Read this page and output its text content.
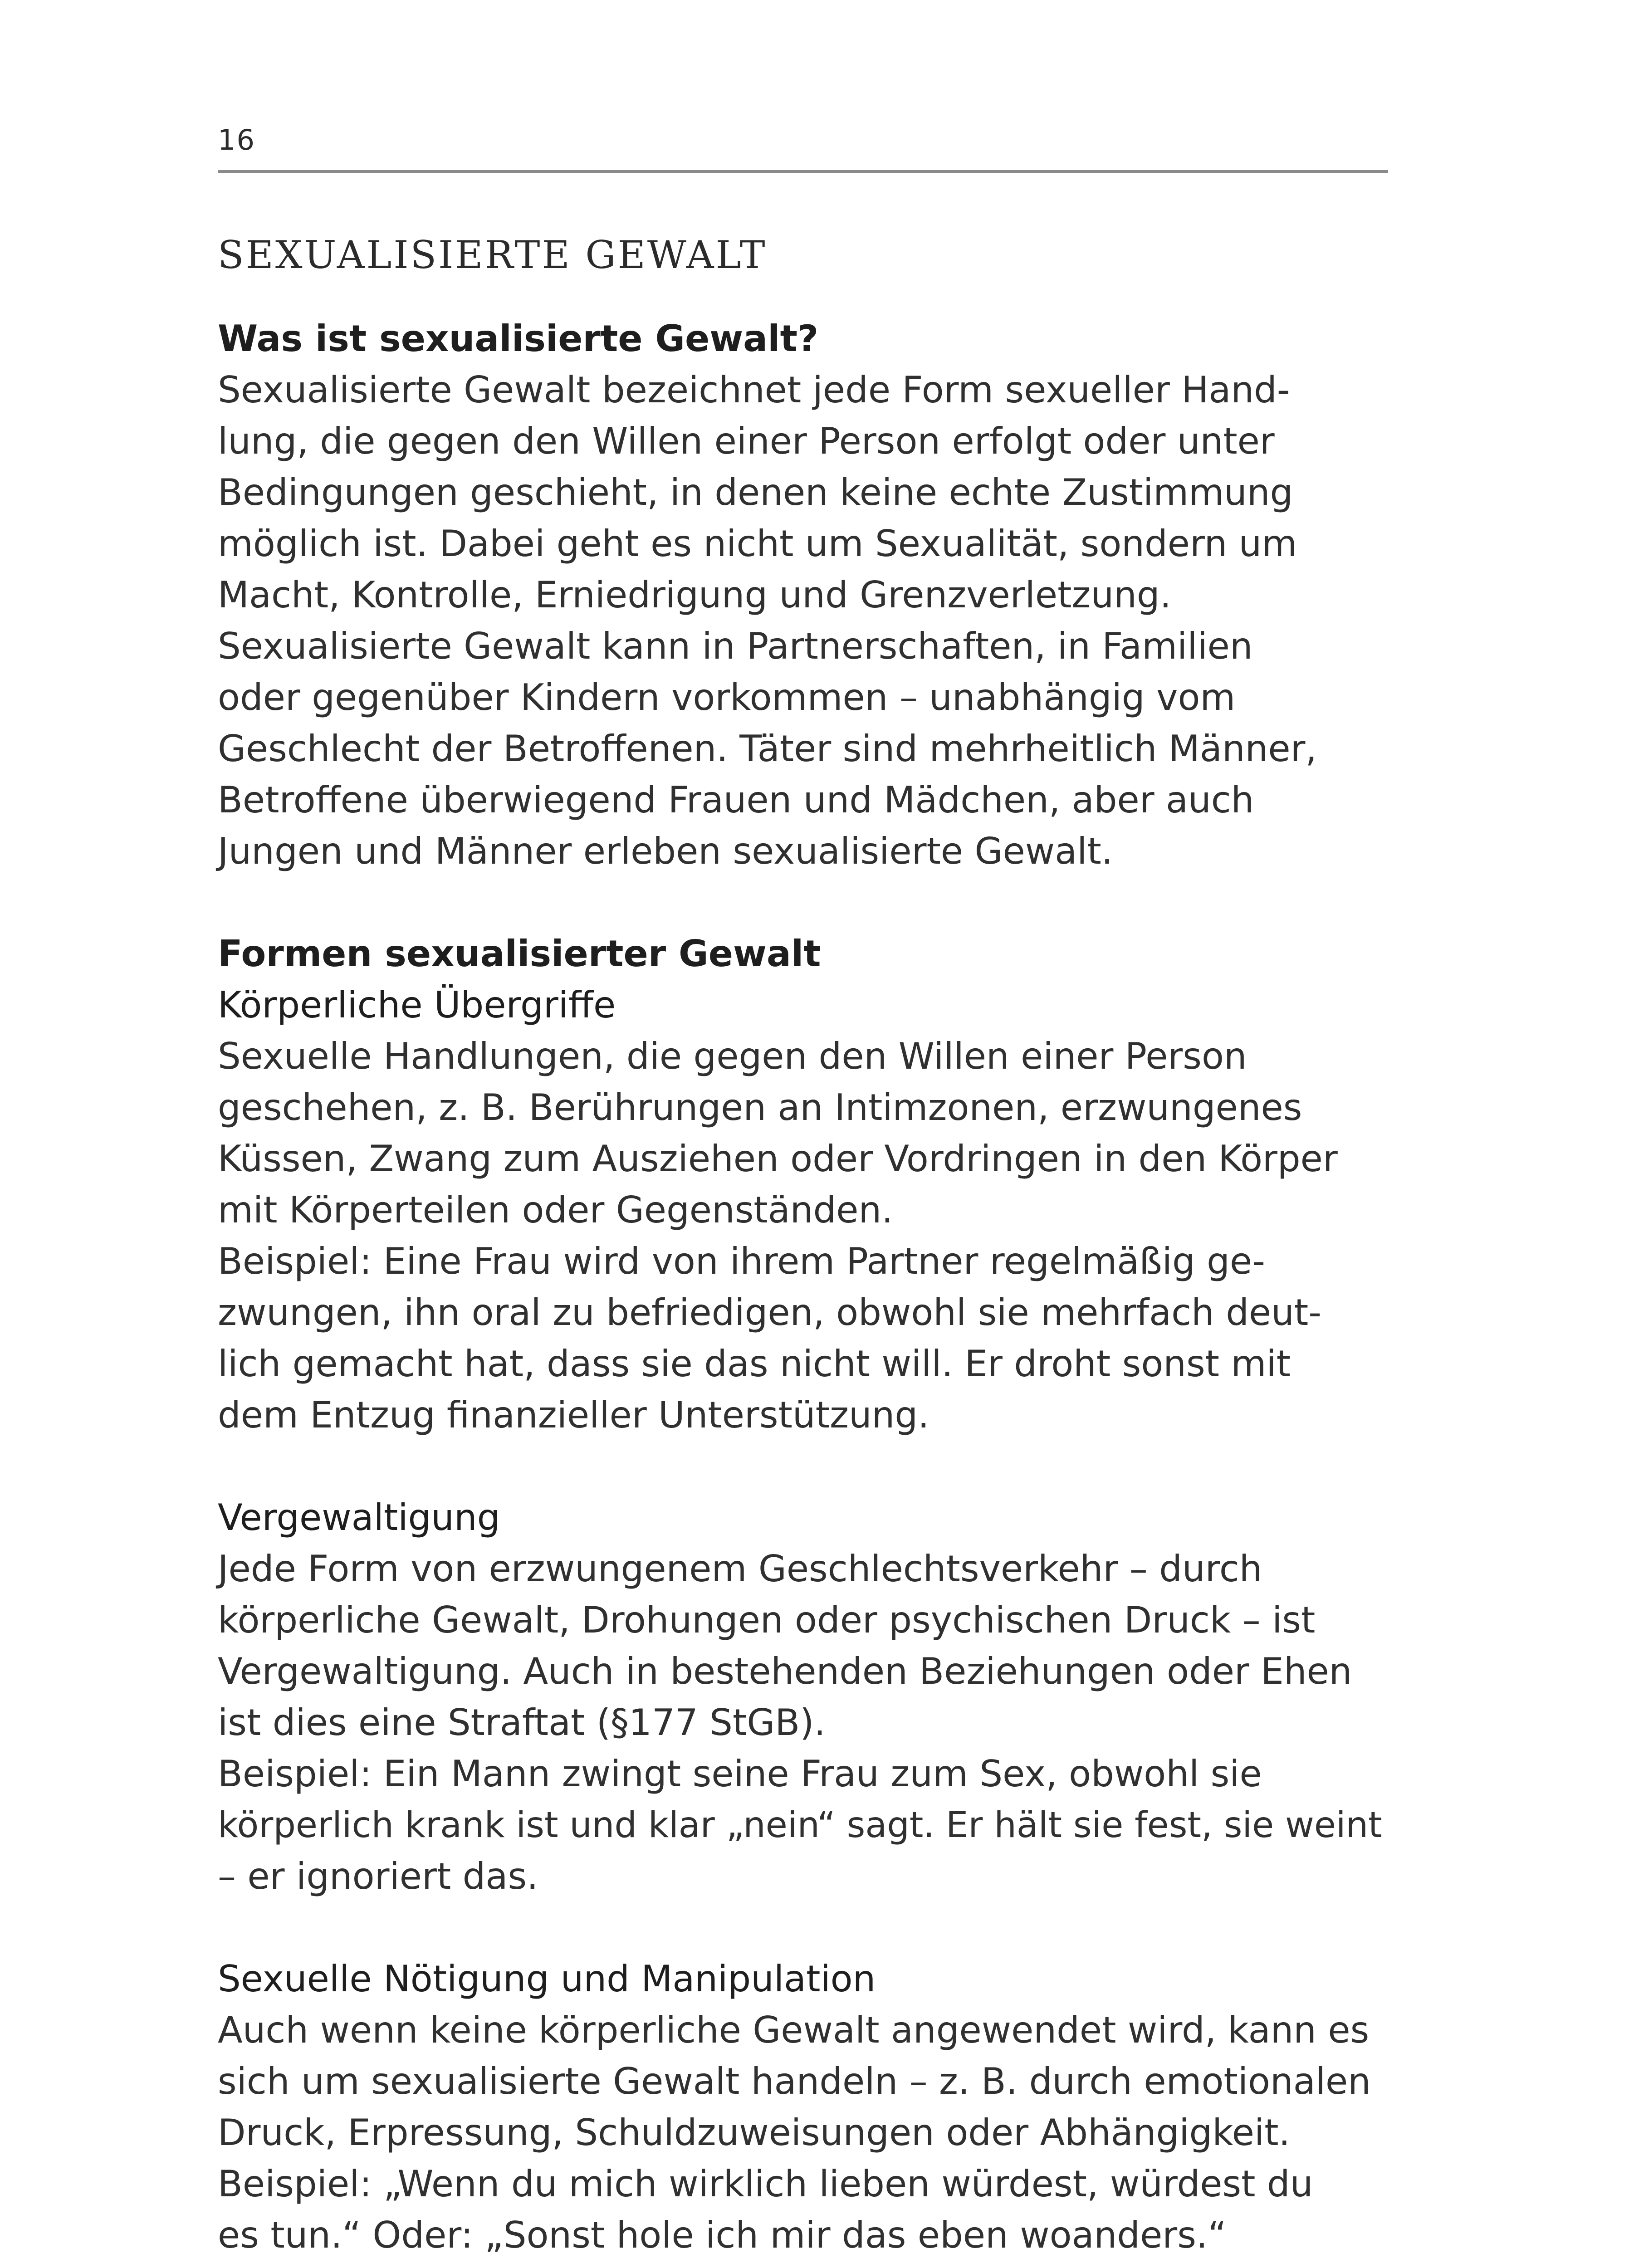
16
SEXUALISIERTE GEWALT
Was ist sexualisierte Gewalt?
Sexualisierte Gewalt bezeichnet jede Form sexueller Hand-
lung, die gegen den Willen einer Person erfolgt oder unter
Bedingungen geschieht, in denen keine echte Zustimmung
möglich ist. Dabei geht es nicht um Sexualität, sondern um
Macht, Kontrolle, Erniedrigung und Grenzverletzung.
Sexualisierte Gewalt kann in Partnerschaften, in Familien
oder gegenüber Kindern vorkommen – unabhängig vom
Geschlecht der Betroffenen. Täter sind mehrheitlich Männer,
Betroffene überwiegend Frauen und Mädchen, aber auch
Jungen und Männer erleben sexualisierte Gewalt.
Formen sexualisierter Gewalt
Körperliche Übergriffe
Sexuelle Handlungen, die gegen den Willen einer Person
geschehen, z. B. Berührungen an Intimzonen, erzwungenes
Küssen, Zwang zum Ausziehen oder Vordringen in den Körper
mit Körperteilen oder Gegenständen.
Beispiel: Eine Frau wird von ihrem Partner regelmäßig ge-
zwungen, ihn oral zu befriedigen, obwohl sie mehrfach deut-
lich gemacht hat, dass sie das nicht will. Er droht sonst mit
dem Entzug finanzieller Unterstützung.
Vergewaltigung
Jede Form von erzwungenem Geschlechtsverkehr – durch
körperliche Gewalt, Drohungen oder psychischen Druck – ist
Vergewaltigung. Auch in bestehenden Beziehungen oder Ehen
ist dies eine Straftat (§177 StGB).
Beispiel: Ein Mann zwingt seine Frau zum Sex, obwohl sie
körperlich krank ist und klar „nein“ sagt. Er hält sie fest, sie weint
– er ignoriert das.
Sexuelle Nötigung und Manipulation
Auch wenn keine körperliche Gewalt angewendet wird, kann es
sich um sexualisierte Gewalt handeln – z. B. durch emotionalen
Druck, Erpressung, Schuldzuweisungen oder Abhängigkeit.
Beispiel: „Wenn du mich wirklich lieben würdest, würdest du
es tun.“ Oder: „Sonst hole ich mir das eben woanders.“
